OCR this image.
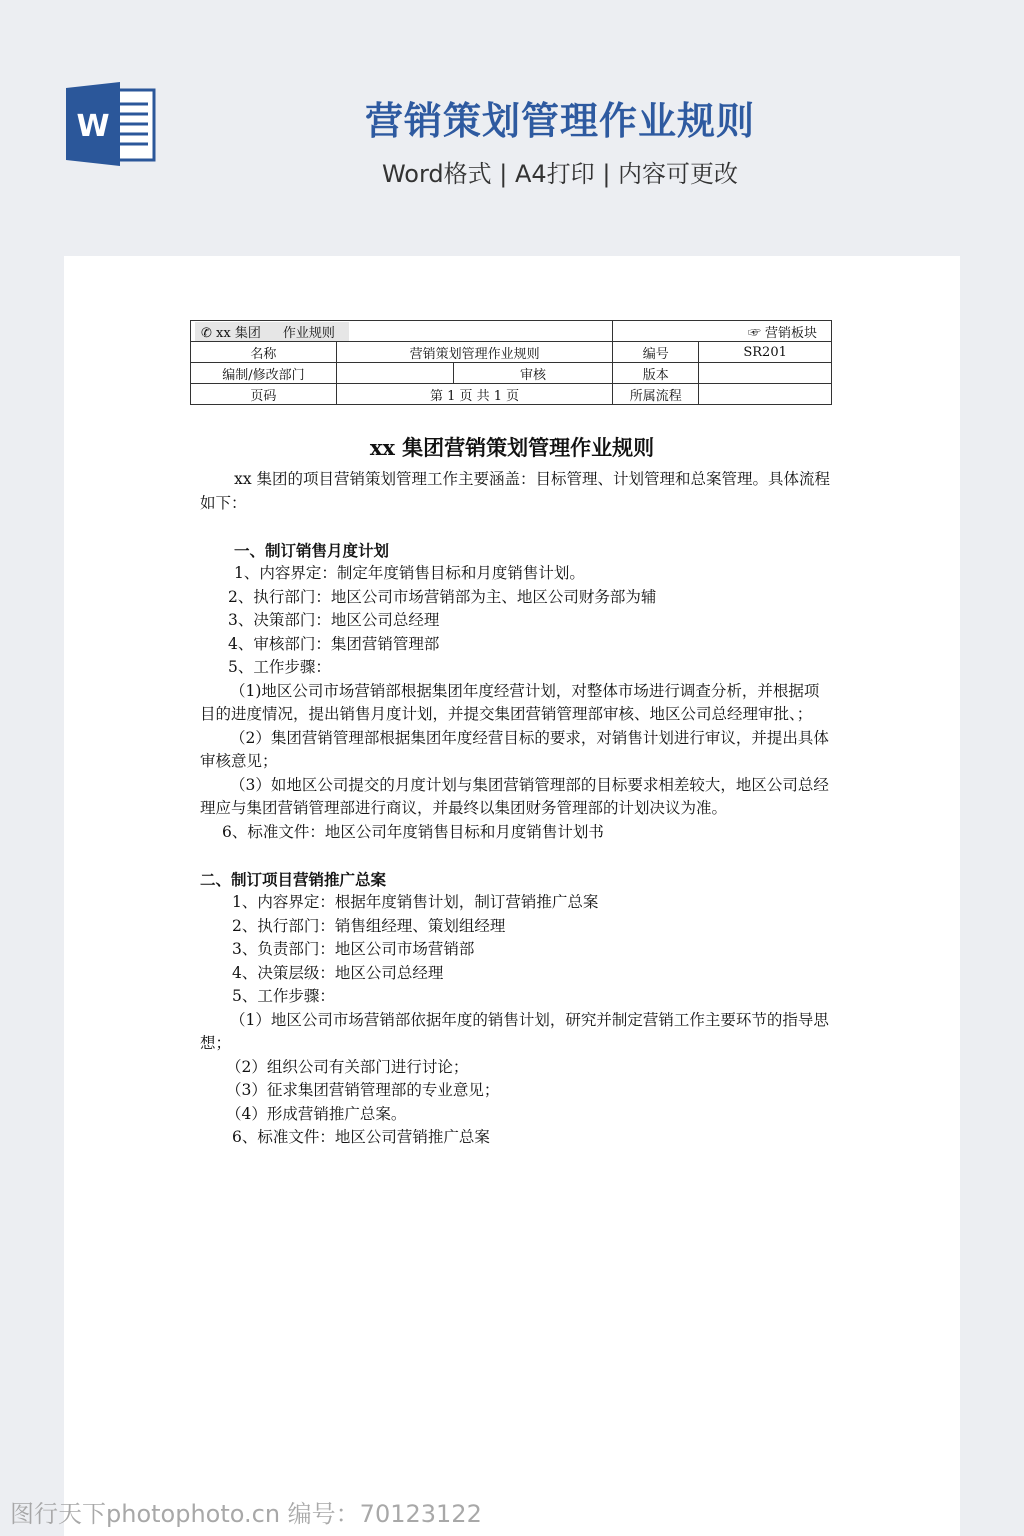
W	营销策划管理作业规则
Word格式 | A4打印 | 内容可更改
✆ xx 集团 作业规则			☞ 营销板块	
名称	营销策划管理作业规则		编号	SR201
编制/修改部门		审核	版本	
页码	第 1 页 共 1 页		所属流程	
xx 集团营销策划管理作业规则

xx 集团的项目营销策划管理工作主要涵盖：目标管理、计划管理和总案管理。具体流程如下：

一、制订销售月度计划

1、内容界定：制定年度销售目标和月度销售计划。

2、执行部门：地区公司市场营销部为主、地区公司财务部为辅

3、决策部门：地区公司总经理

4、审核部门：集团营销管理部

5、工作步骤：

（1)地区公司市场营销部根据集团年度经营计划，对整体市场进行调查分析，并根据项目的进度情况，提出销售月度计划，并提交集团营销管理部审核、地区公司总经理审批、；

（2）集团营销管理部根据集团年度经营目标的要求，对销售计划进行审议，并提出具体审核意见；

（3）如地区公司提交的月度计划与集团营销管理部的目标要求相差较大，地区公司总经理应与集团营销管理部进行商议，并最终以集团财务管理部的计划决议为准。

6、标准文件：地区公司年度销售目标和月度销售计划书

二、制订项目营销推广总案

1、内容界定：根据年度销售计划，制订营销推广总案

2、执行部门：销售组经理、策划组经理

3、负责部门：地区公司市场营销部

4、决策层级：地区公司总经理

5、工作步骤：

（1）地区公司市场营销部依据年度的销售计划，研究并制定营销工作主要环节的指导思想；

（2）组织公司有关部门进行讨论；

（3）征求集团营销管理部的专业意见；

（4）形成营销推广总案。

6、标准文件：地区公司营销推广总案

图行天下photophoto.cn 编号：70123122
